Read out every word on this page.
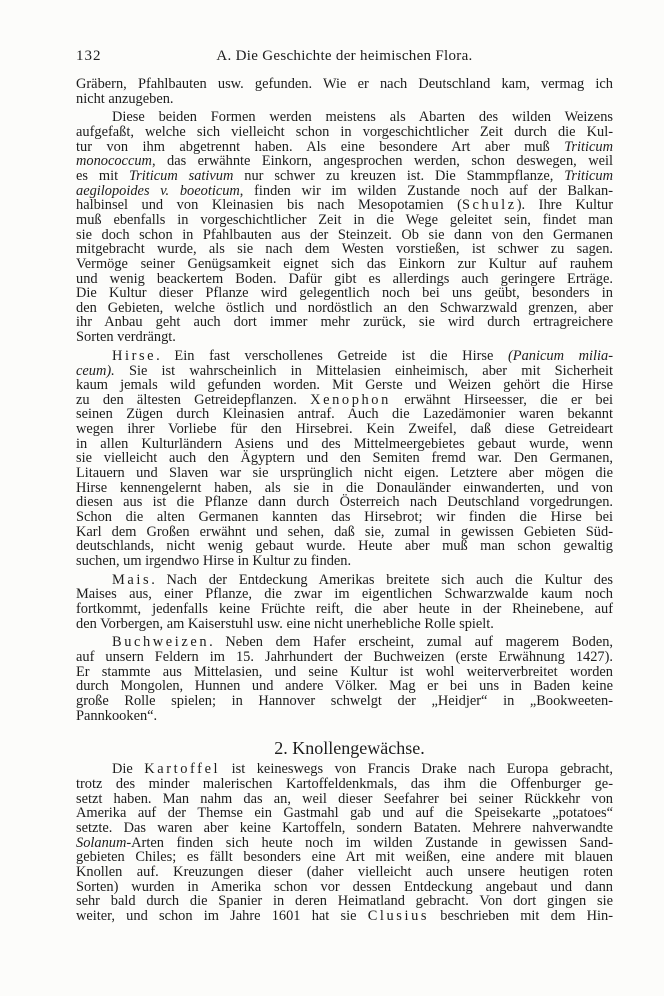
132	A. Die Geschichte der heimischen Flora.
Gräbern, Pfahlbauten usw. gefunden. Wie er nach Deutschland kam, vermag ich
nicht anzugeben.
Diese beiden Formen werden meistens als Abarten des wilden Weizens
aufgefaßt, welche sich vielleicht schon in vorgeschichtlicher Zeit durch die Kul-
tur von ihm abgetrennt haben. Als eine besondere Art aber muß Triticum
monococcum, das erwähnte Einkorn, angesprochen werden, schon deswegen, weil
es mit Triticum sativum nur schwer zu kreuzen ist. Die Stammpflanze, Triticum
aegilopoides v. boeoticum, finden wir im wilden Zustande noch auf der Balkan-
halbinsel und von Kleinasien bis nach Mesopotamien (Schulz). Ihre Kultur
muß ebenfalls in vorgeschichtlicher Zeit in die Wege geleitet sein, findet man
sie doch schon in Pfahlbauten aus der Steinzeit. Ob sie dann von den Germanen
mitgebracht wurde, als sie nach dem Westen vorstießen, ist schwer zu sagen.
Vermöge seiner Genügsamkeit eignet sich das Einkorn zur Kultur auf rauhem
und wenig beackertem Boden. Dafür gibt es allerdings auch geringere Erträge.
Die Kultur dieser Pflanze wird gelegentlich noch bei uns geübt, besonders in
den Gebieten, welche östlich und nordöstlich an den Schwarzwald grenzen, aber
ihr Anbau geht auch dort immer mehr zurück, sie wird durch ertragreichere
Sorten verdrängt.
Hirse. Ein fast verschollenes Getreide ist die Hirse (Panicum milia-
ceum). Sie ist wahrscheinlich in Mittelasien einheimisch, aber mit Sicherheit
kaum jemals wild gefunden worden. Mit Gerste und Weizen gehört die Hirse
zu den ältesten Getreidepflanzen. Xenophon erwähnt Hirseesser, die er bei
seinen Zügen durch Kleinasien antraf. Auch die Lazedämonier waren bekannt
wegen ihrer Vorliebe für den Hirsebrei. Kein Zweifel, daß diese Getreideart
in allen Kulturländern Asiens und des Mittelmeergebietes gebaut wurde, wenn
sie vielleicht auch den Ägyptern und den Semiten fremd war. Den Germanen,
Litauern und Slaven war sie ursprünglich nicht eigen. Letztere aber mögen die
Hirse kennengelernt haben, als sie in die Donauländer einwanderten, und von
diesen aus ist die Pflanze dann durch Österreich nach Deutschland vorgedrungen.
Schon die alten Germanen kannten das Hirsebrot; wir finden die Hirse bei
Karl dem Großen erwähnt und sehen, daß sie, zumal in gewissen Gebieten Süd-
deutschlands, nicht wenig gebaut wurde. Heute aber muß man schon gewaltig
suchen, um irgendwo Hirse in Kultur zu finden.
Mais. Nach der Entdeckung Amerikas breitete sich auch die Kultur des
Maises aus, einer Pflanze, die zwar im eigentlichen Schwarzwalde kaum noch
fortkommt, jedenfalls keine Früchte reift, die aber heute in der Rheinebene, auf
den Vorbergen, am Kaiserstuhl usw. eine nicht unerhebliche Rolle spielt.
Buchweizen. Neben dem Hafer erscheint, zumal auf magerem Boden,
auf unsern Feldern im 15. Jahrhundert der Buchweizen (erste Erwähnung 1427).
Er stammte aus Mittelasien, und seine Kultur ist wohl weiterverbreitet worden
durch Mongolen, Hunnen und andere Völker. Mag er bei uns in Baden keine
große Rolle spielen; in Hannover schwelgt der „Heidjer“ in „Bookweeten-
Pannkooken“.
2. Knollengewächse.
Die Kartoffel ist keineswegs von Francis Drake nach Europa gebracht,
trotz des minder malerischen Kartoffeldenkmals, das ihm die Offenburger ge-
setzt haben. Man nahm das an, weil dieser Seefahrer bei seiner Rückkehr von
Amerika auf der Themse ein Gastmahl gab und auf die Speisekarte „potatoes“
setzte. Das waren aber keine Kartoffeln, sondern Bataten. Mehrere nahverwandte
Solanum-Arten finden sich heute noch im wilden Zustande in gewissen Sand-
gebieten Chiles; es fällt besonders eine Art mit weißen, eine andere mit blauen
Knollen auf. Kreuzungen dieser (daher vielleicht auch unsere heutigen roten
Sorten) wurden in Amerika schon vor dessen Entdeckung angebaut und dann
sehr bald durch die Spanier in deren Heimatland gebracht. Von dort gingen sie
weiter, und schon im Jahre 1601 hat sie Clusius beschrieben mit dem Hin-
